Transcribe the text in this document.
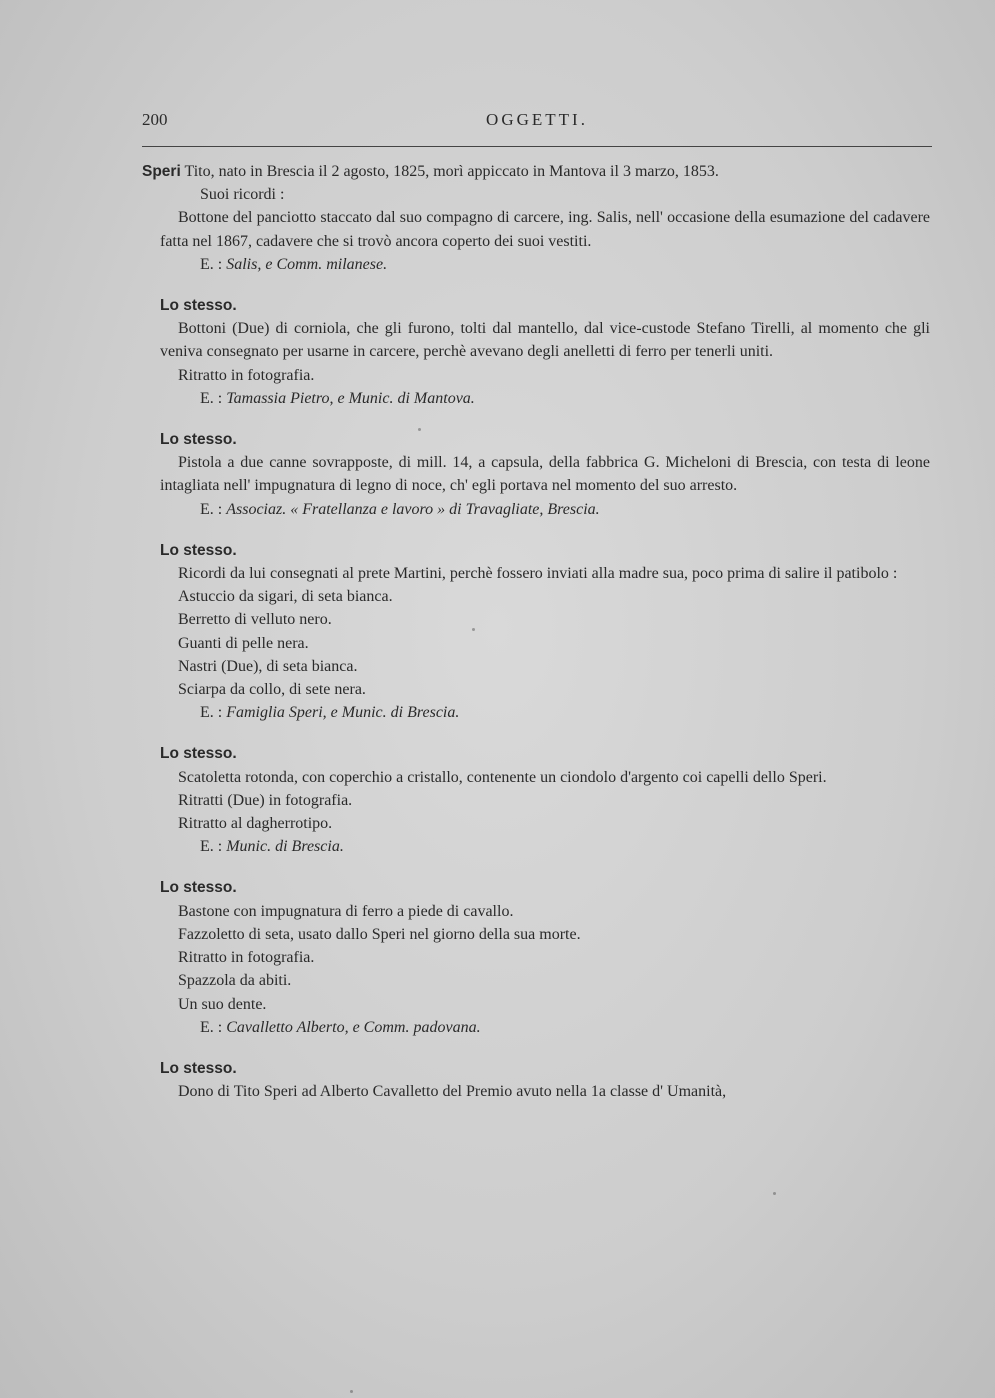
200	OGGETTI.
Speri Tito, nato in Brescia il 2 agosto, 1825, morì appiccato in Mantova il 3 marzo, 1853.
Suoi ricordi :

Bottone del panciotto staccato dal suo compagno di carcere, ing. Salis, nell' occasione della esumazione del cadavere fatta nel 1867, cadavere che si trovò ancora coperto dei suoi vestiti.

E. : Salis, e Comm. milanese.
Lo stesso.

Bottoni (Due) di corniola, che gli furono, tolti dal mantello, dal vice-custode Stefano Tirelli, al momento che gli veniva consegnato per usarne in carcere, perchè avevano degli anelletti di ferro per tenerli uniti.

Ritratto in fotografia.
E. : Tamassia Pietro, e Munic. di Mantova.
Lo stesso.

Pistola a due canne sovrapposte, di mill. 14, a capsula, della fabbrica G. Micheloni di Brescia, con testa di leone intagliata nell' impugnatura di legno di noce, ch' egli portava nel momento del suo arresto.

E. : Associaz. « Fratellanza e lavoro » di Travagliate, Brescia.
Lo stesso.

Ricordi da lui consegnati al prete Martini, perchè fossero inviati alla madre sua, poco prima di salire il patibolo :

Astuccio da sigari, di seta bianca.
Berretto di velluto nero.
Guanti di pelle nera.
Nastri (Due), di seta bianca.
Sciarpa da collo, di sete nera.
E. : Famiglia Speri, e Munic. di Brescia.
Lo stesso.

Scatoletta rotonda, con coperchio a cristallo, contenente un ciondolo d'argento coi capelli dello Speri.

Ritratti (Due) in fotografia.
Ritratto al dagherrotipo.
E. : Munic. di Brescia.
Lo stesso.
Bastone con impugnatura di ferro a piede di cavallo.
Fazzoletto di seta, usato dallo Speri nel giorno della sua morte.
Ritratto in fotografia.
Spazzola da abiti.
Un suo dente.
E. : Cavalletto Alberto, e Comm. padovana.
Lo stesso.

Dono di Tito Speri ad Alberto Cavalletto del Premio avuto nella 1a classe d' Umanità,
